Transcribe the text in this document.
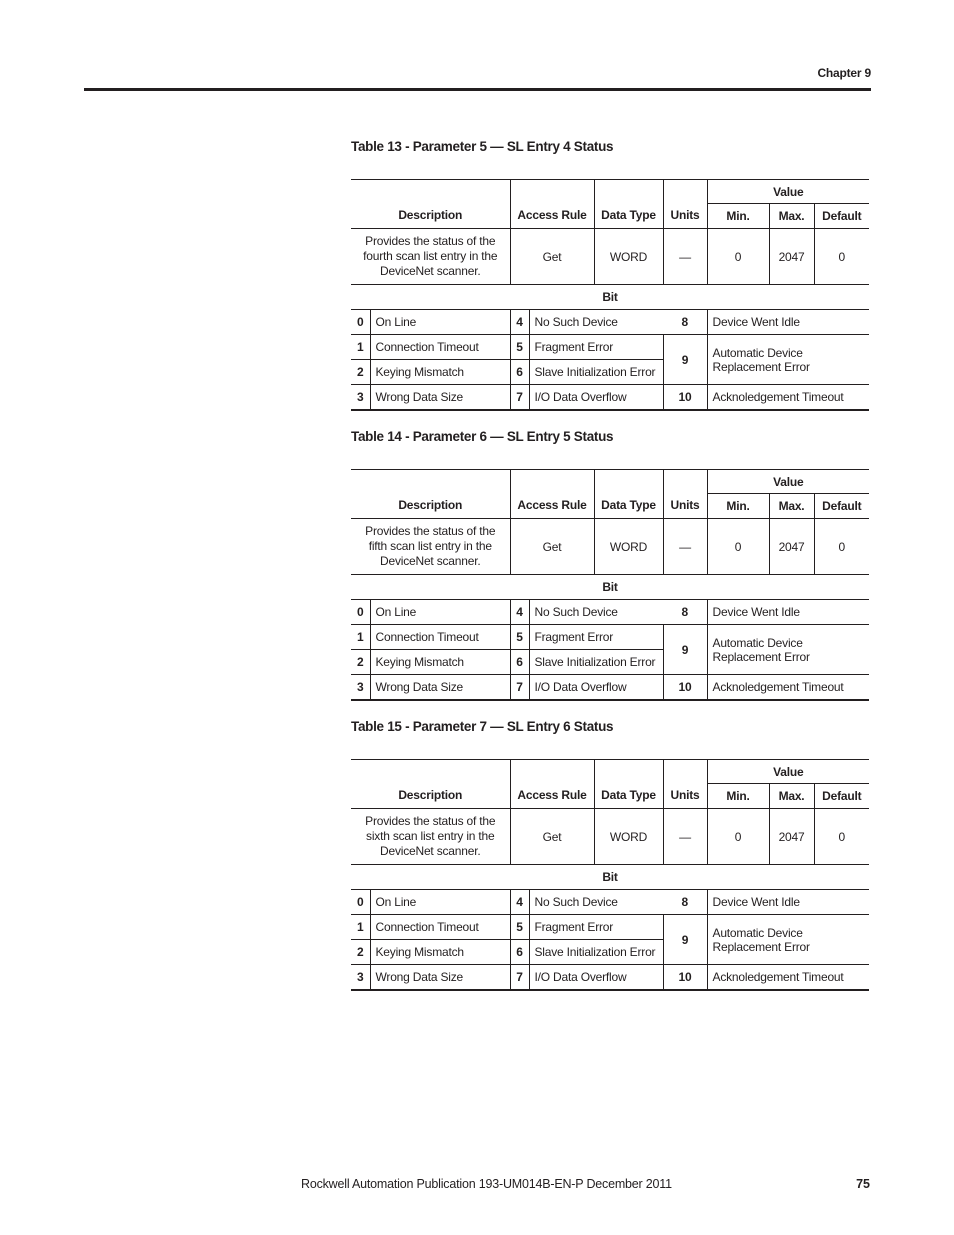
Chapter 9
Table 13 - Parameter 5 — SL Entry 4 Status
Description		Access Rule		Data Type	Units	Value		
						Min.	Max.	Default

Provides the status of the
fourth scan list entry in the
DeviceNet scanner.		Get		WORD	—	0	2047	0
Bit								
0	On Line	4	No Such Device		8	Device Went Idle		
1	Connection Timeout	5	Fragment Error		9	Automatic Device
Replacement Error		

2	Keying Mismatch	6	Slave Initialization Error					
3	Wrong Data Size	7	I/O Data Overflow		10	Acknoledgement Timeout		
Table 14 - Parameter 6 — SL Entry 5 Status
Description		Access Rule		Data Type	Units	Value		
						Min.	Max.	Default

Provides the status of the
fifth scan list entry in the
DeviceNet scanner.		Get		WORD	—	0	2047	0
Bit								
0	On Line	4	No Such Device		8	Device Went Idle		
1	Connection Timeout	5	Fragment Error		9	Automatic Device
Replacement Error		

2	Keying Mismatch	6	Slave Initialization Error					
3	Wrong Data Size	7	I/O Data Overflow		10	Acknoledgement Timeout		
Table 15 - Parameter 7 — SL Entry 6 Status
Description		Access Rule		Data Type	Units	Value		
						Min.	Max.	Default

Provides the status of the
sixth scan list entry in the
DeviceNet scanner.		Get		WORD	—	0	2047	0
Bit								
0	On Line	4	No Such Device		8	Device Went Idle		
1	Connection Timeout	5	Fragment Error		9	Automatic Device
Replacement Error		

2	Keying Mismatch	6	Slave Initialization Error					
3	Wrong Data Size	7	I/O Data Overflow		10	Acknoledgement Timeout		
Rockwell Automation Publication 193-UM014B-EN-P December 2011	75
